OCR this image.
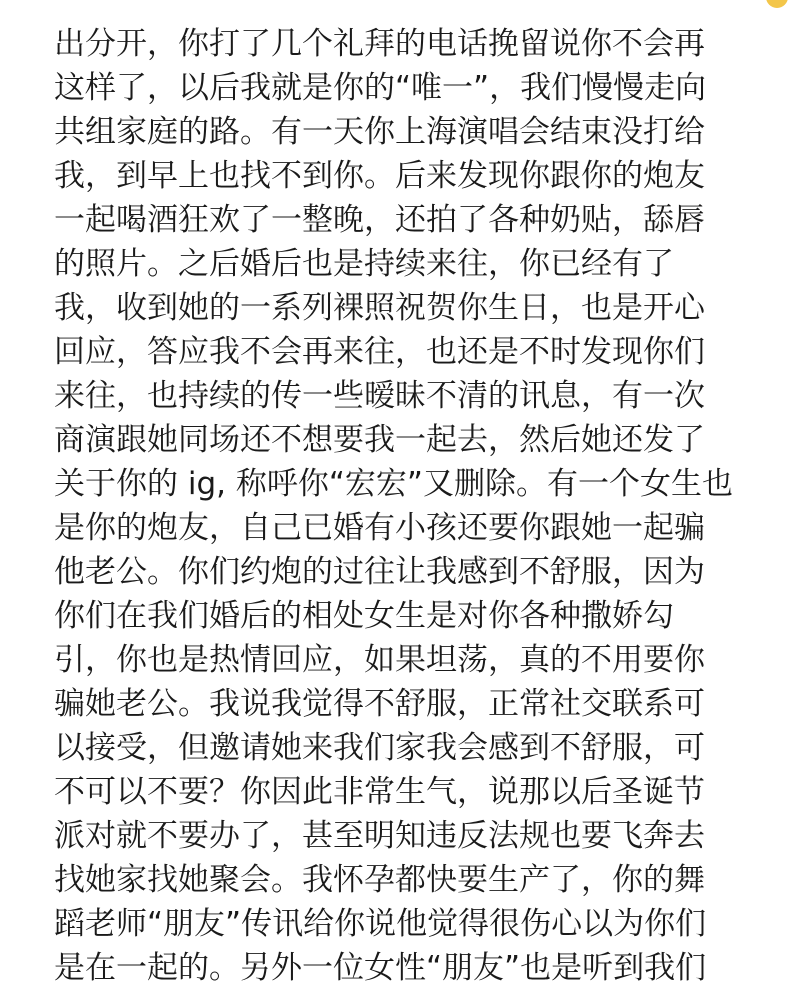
出分开，你打了几个礼拜的电话挽留说你不会再
这样了，以后我就是你的“唯一”，我们慢慢走向
共组家庭的路。有一天你上海演唱会结束没打给
我，到早上也找不到你。后来发现你跟你的炮友
一起喝酒狂欢了一整晚，还拍了各种奶贴，舔唇
的照片。之后婚后也是持续来往，你已经有了
我，收到她的一系列裸照祝贺你生日，也是开心
回应，答应我不会再来往，也还是不时发现你们
来往，也持续的传一些暧昧不清的讯息，有一次
商演跟她同场还不想要我一起去，然后她还发了
关于你的 ig, 称呼你“宏宏”又删除。有一个女生也
是你的炮友，自己已婚有小孩还要你跟她一起骗
他老公。你们约炮的过往让我感到不舒服，因为
你们在我们婚后的相处女生是对你各种撒娇勾
引，你也是热情回应，如果坦荡，真的不用要你
骗她老公。我说我觉得不舒服，正常社交联系可
以接受，但邀请她来我们家我会感到不舒服，可
不可以不要？你因此非常生气，说那以后圣诞节
派对就不要办了，甚至明知违反法规也要飞奔去
找她家找她聚会。我怀孕都快要生产了，你的舞
蹈老师“朋友”传讯给你说他觉得很伤心以为你们
是在一起的。另外一位女性“朋友”也是听到我们
